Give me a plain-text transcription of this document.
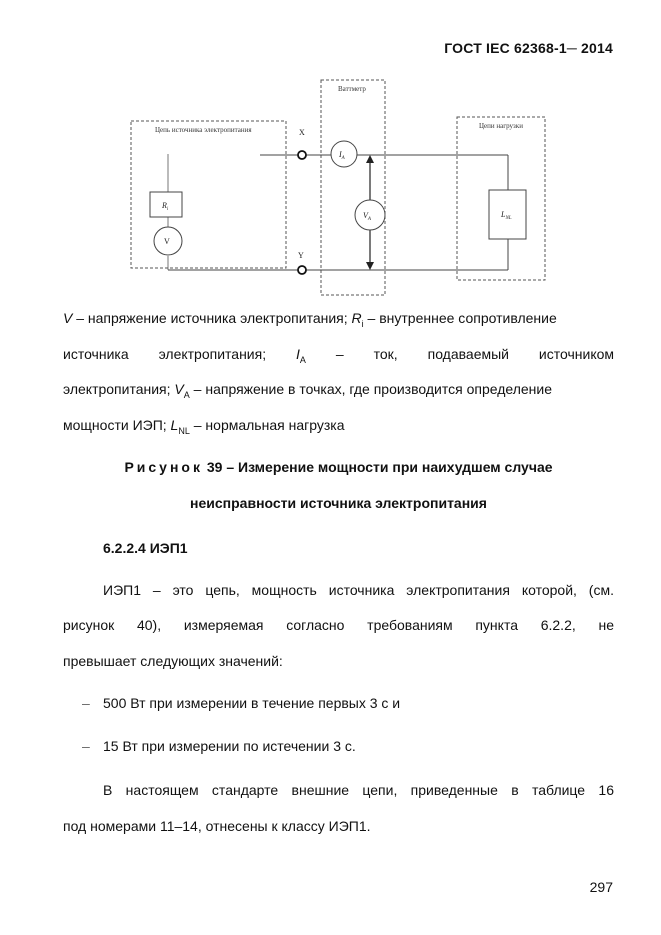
ГОСТ IEC 62368-1─ 2014
Цепь источника электропитания
Ваттметр
Цепи нагрузки
$R_i$
V
X
Y
$I_A$
$V_A$
$L_{NL}$
V – напряжение источника электропитания; $R_i$ – внутреннее сопротивление
источника электропитания; $I_A$ – ток, подаваемый источником
электропитания; $V_A$ – напряжение в точках, где производится определение
мощности ИЭП; $L_{NL}$ – нормальная нагрузка
Рисунок 39 – Измерение мощности при наихудшем случае
неисправности источника электропитания
6.2.2.4 ИЭП1
ИЭП1 – это цепь, мощность источника электропитания которой, (см.
рисунок 40), измеряемая согласно требованиям пункта 6.2.2, не
превышает следующих значений:
– 500 Вт при измерении в течение первых 3 с и
– 15 Вт при измерении по истечении 3 с.
В настоящем стандарте внешние цепи, приведенные в таблице 16
под номерами 11–14, отнесены к классу ИЭП1.
297
